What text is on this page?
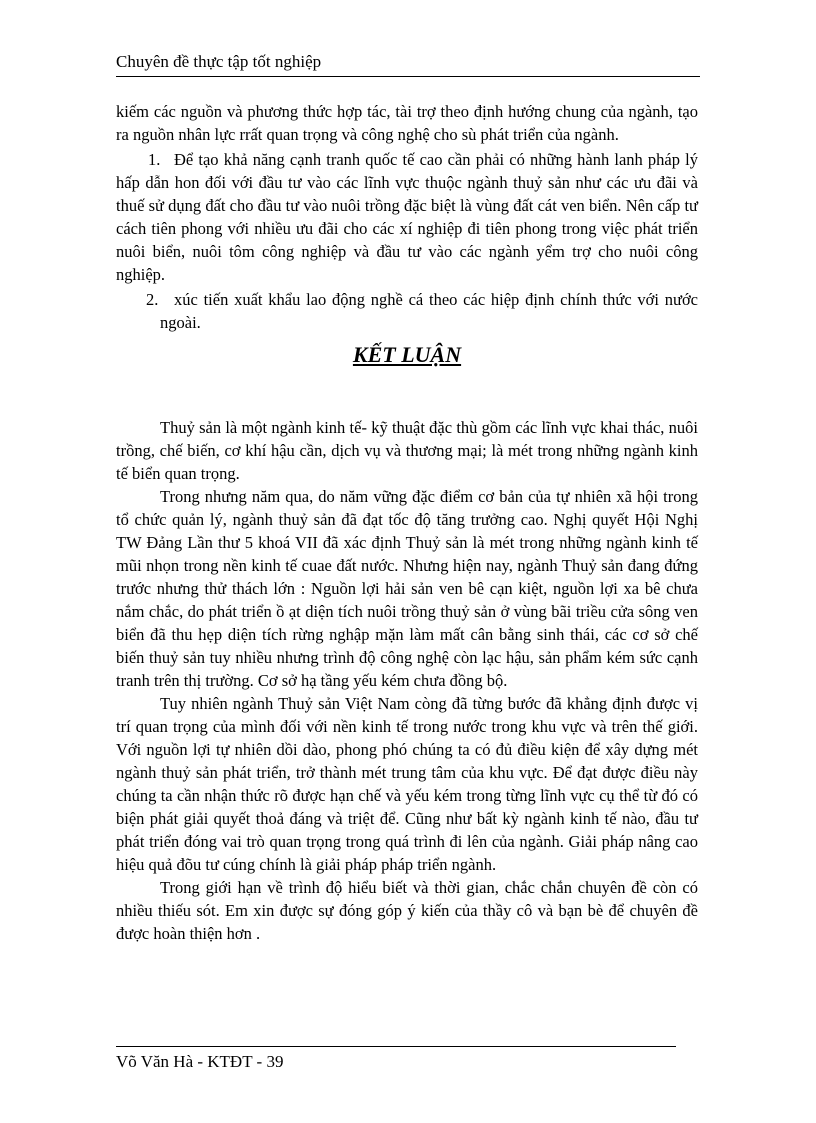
Chuyên đề thực tập tốt nghiệp

kiếm các nguồn và phương thức hợp tác, tài trợ theo định hướng chung của ngành, tạo ra nguồn nhân lực rrất quan trọng và công nghệ cho sù phát triển của ngành.

1. Để tạo khả năng cạnh tranh quốc tế cao cần phải có những hành lanh pháp lý hấp dẫn hon đối với đầu tư vào các lĩnh vực thuộc ngành thuỷ sản như các ưu đãi và thuế sử dụng đất cho đầu tư vào nuôi trồng đặc biệt là vùng đất cát ven biển. Nên cấp tư cách tiên phong với nhiều ưu đãi cho các xí nghiệp đi tiên phong trong việc phát triển nuôi biển, nuôi tôm công nghiệp và đầu tư vào các ngành yểm trợ cho nuôi công nghiệp.

2. xúc tiến xuất khẩu lao động nghề cá theo các hiệp định chính thức với nước ngoài.

KẾT LUẬN

Thuỷ sản là một ngành kinh tế- kỹ thuật đặc thù gồm các lĩnh vực khai thác, nuôi trồng, chế biến, cơ khí hậu cần, dịch vụ và thương mại; là mét trong những ngành kinh tế biển quan trọng.

Trong nhưng năm qua, do năm vững đặc điểm cơ bản của tự nhiên xã hội trong tổ chức quản lý, ngành thuỷ sản đã đạt tốc độ tăng trưởng cao. Nghị quyết Hội Nghị TW Đảng Lần thư 5 khoá VII đã xác định Thuỷ sản là mét trong những ngành kinh tế mũi nhọn trong nền kinh tế cuae đất nước. Nhưng hiện nay, ngành Thuỷ sản đang đứng trước nhưng thử thách lớn : Nguồn lợi hải sản ven bê cạn kiệt, nguồn lợi xa bê chưa nắm chắc, do phát triển ồ ạt diện tích nuôi trồng thuỷ sản ở vùng bãi triều cửa sông ven biển đã thu hẹp diện tích rừng nghập mặn làm mất cân bằng sinh thái, các cơ sở chế biến thuỷ sản tuy nhiều nhưng trình độ công nghệ còn lạc hậu, sản phẩm kém sức cạnh tranh trên thị trường. Cơ sở hạ tầng yếu kém chưa đồng bộ.

Tuy nhiên ngành Thuỷ sản Việt Nam còng đã từng bước đã khẳng định được vị trí quan trọng của mình đối với nền kinh tế trong nước trong khu vực và trên thế giới. Với nguồn lợi tự nhiên dồi dào, phong phó chúng ta có đủ điều kiện để xây dựng mét ngành thuỷ sản phát triển, trở thành mét trung tâm của khu vực. Để đạt được điều này chúng ta cần nhận thức rõ được hạn chế và yếu kém trong từng lĩnh vực cụ thể từ đó có biện phát giải quyết thoả đáng và triệt để. Cũng như bất kỳ ngành kinh tế nào, đầu tư phát triển đóng vai trò quan trọng trong quá trình đi lên của ngành. Giải pháp nâng cao hiệu quả đõu tư cúng chính là giải pháp pháp triển ngành.

Trong giới hạn về trình độ hiểu biết và thời gian, chắc chắn chuyên đề còn có nhiều thiếu sót. Em xin được sự đóng góp ý kiến của thầy cô và bạn bè để chuyên đề được hoàn thiện hơn .

Võ Văn Hà - KTĐT - 39
